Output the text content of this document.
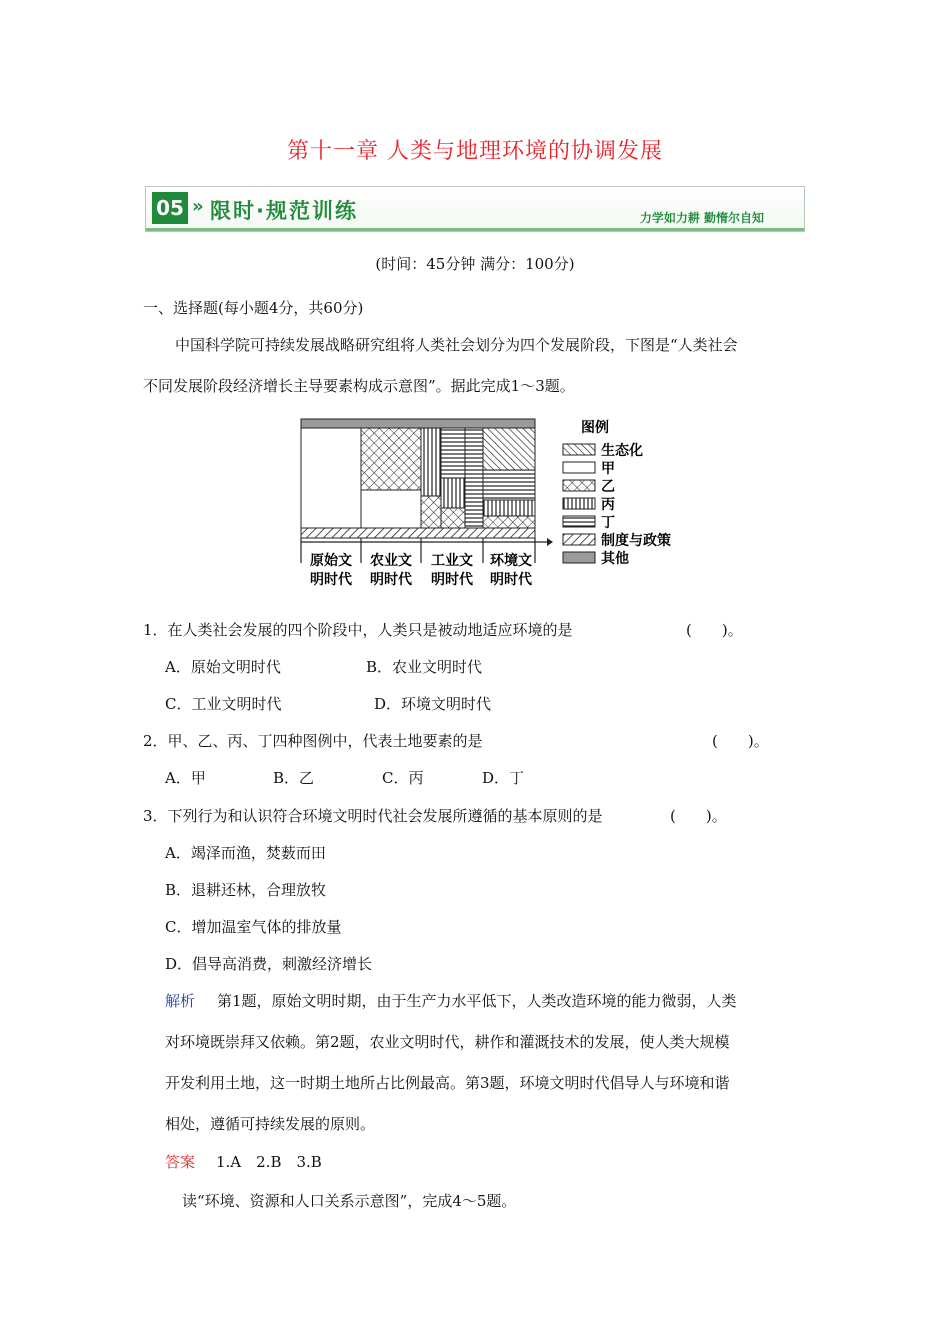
第十一章 人类与地理环境的协调发展
05 » 限时·规范训练	力学如力耕 勤惰尔自知
(时间：45分钟 满分：100分)
一、选择题(每小题4分，共60分)
中国科学院可持续发展战略研究组将人类社会划分为四个发展阶段，下图是“人类社会
不同发展阶段经济增长主导要素构成示意图”。据此完成1～3题。
原始文
明时代
农业文
明时代
工业文
明时代
环境文
明时代
图例
生态化
甲
乙
丙
丁
制度与政策
其他
1．在人类社会发展的四个阶段中，人类只是被动地适应环境的是	(　　)。
A．原始文明时代	B．农业文明时代
C．工业文明时代	D．环境文明时代
2．甲、乙、丙、丁四种图例中，代表土地要素的是	(　　)。
A．甲	B．乙	C．丙	D．丁
3．下列行为和认识符合环境文明时代社会发展所遵循的基本原则的是	(　　)。
A．竭泽而渔，焚薮而田
B．退耕还林，合理放牧
C．增加温室气体的排放量
D．倡导高消费，刺激经济增长
解析 第1题，原始文明时期，由于生产力水平低下，人类改造环境的能力微弱，人类
对环境既崇拜又依赖。第2题，农业文明时代，耕作和灌溉技术的发展，使人类大规模
开发利用土地，这一时期土地所占比例最高。第3题，环境文明时代倡导人与环境和谐
相处，遵循可持续发展的原则。
答案 1.A　2.B　3.B
读“环境、资源和人口关系示意图”，完成4～5题。
